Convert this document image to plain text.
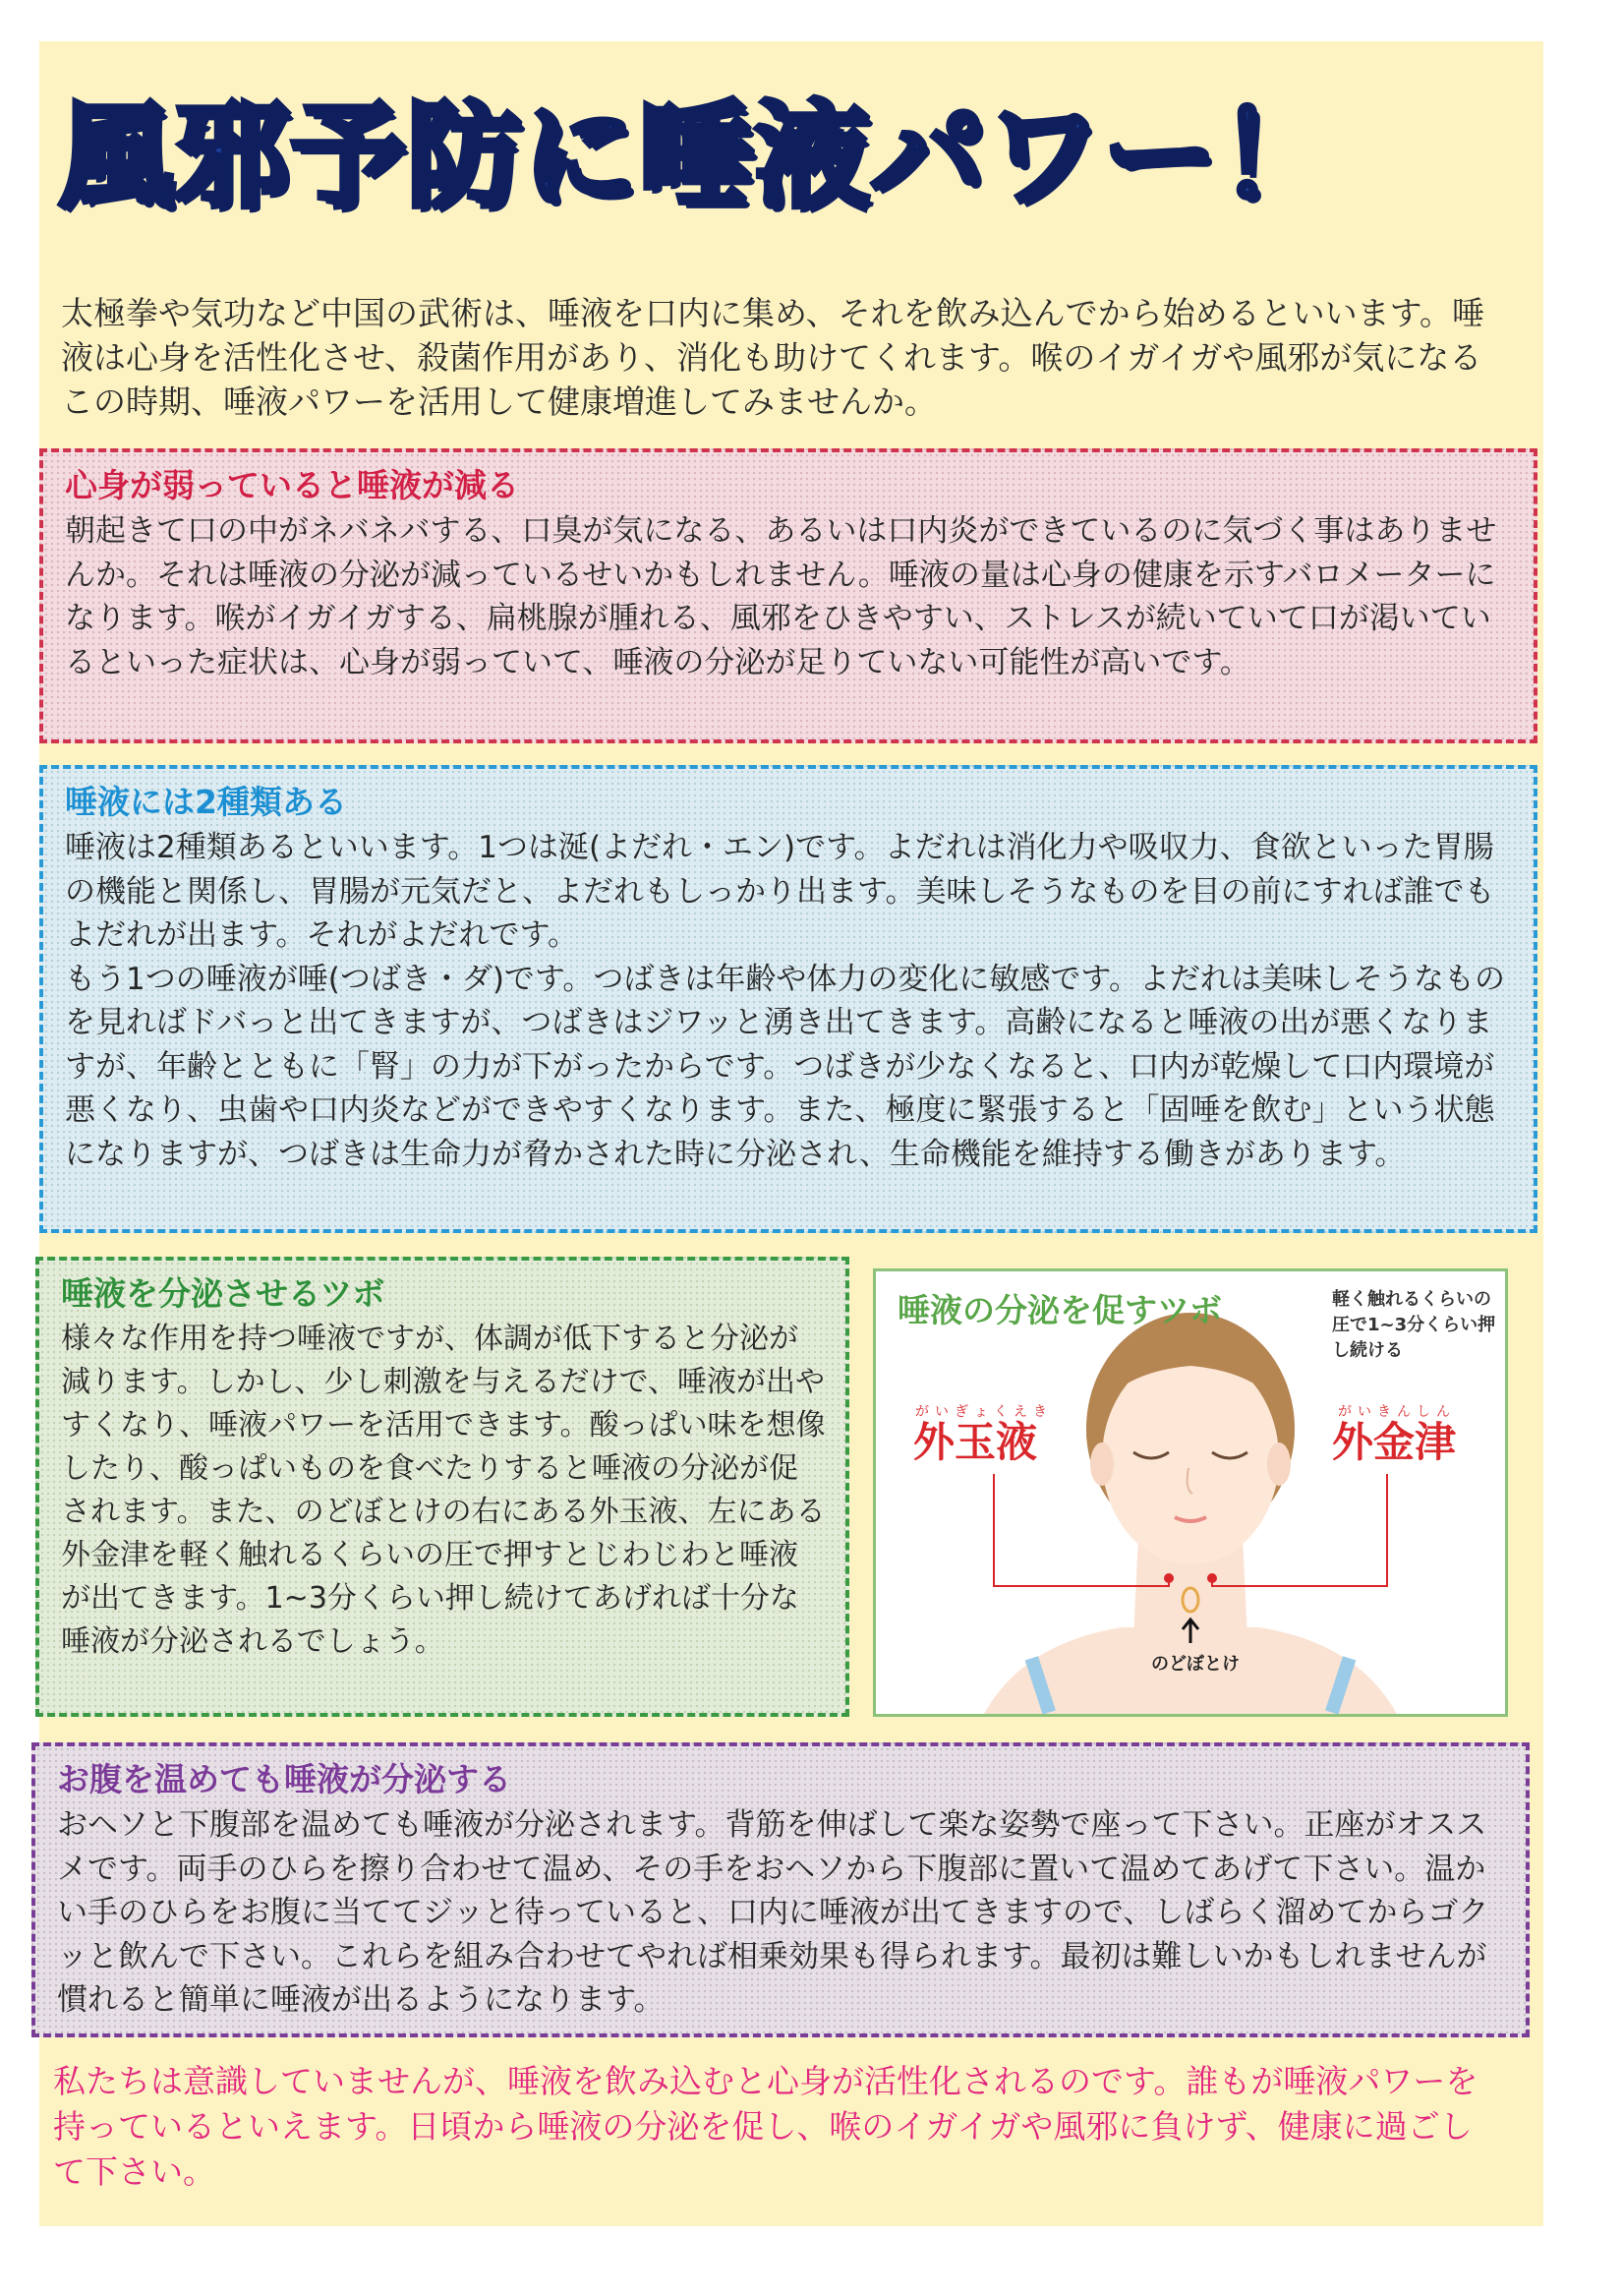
風邪予防に唾液パワー！
太極拳や気功など中国の武術は、唾液を口内に集め、それを飲み込んでから始めるといいます。唾液は心身を活性化させ、殺菌作用があり、消化も助けてくれます。喉のイガイガや風邪が気になるこの時期、唾液パワーを活用して健康増進してみませんか。
心身が弱っていると唾液が減る

朝起きて口の中がネバネバする、口臭が気になる、あるいは口内炎ができているのに気づく事はありませんか。それは唾液の分泌が減っているせいかもしれません。唾液の量は心身の健康を示すバロメーターになります。喉がイガイガする、扁桃腺が腫れる、風邪をひきやすい、ストレスが続いていて口が渇いているといった症状は、心身が弱っていて、唾液の分泌が足りていない可能性が高いです。

唾液には2種類ある

唾液は2種類あるといいます。1つは涎(よだれ・エン)です。よだれは消化力や吸収力、食欲といった胃腸の機能と関係し、胃腸が元気だと、よだれもしっかり出ます。美味しそうなものを目の前にすれば誰でもよだれが出ます。それがよだれです。

もう1つの唾液が唾(つばき・ダ)です。つばきは年齢や体力の変化に敏感です。よだれは美味しそうなものを見ればドバっと出てきますが、つばきはジワッと湧き出てきます。高齢になると唾液の出が悪くなりますが、年齢とともに「腎」の力が下がったからです。つばきが少なくなると、口内が乾燥して口内環境が悪くなり、虫歯や口内炎などができやすくなります。また、極度に緊張すると「固唾を飲む」という状態になりますが、つばきは生命力が脅かされた時に分泌され、生命機能を維持する働きがあります。

唾液を分泌させるツボ

様々な作用を持つ唾液ですが、体調が低下すると分泌が減ります。しかし、少し刺激を与えるだけで、唾液が出やすくなり、唾液パワーを活用できます。酸っぱい味を想像したり、酸っぱいものを食べたりすると唾液の分泌が促されます。また、のどぼとけの右にある外玉液、左にある外金津を軽く触れるくらいの圧で押すとじわじわと唾液が出てきます。1~3分くらい押し続けてあげれば十分な唾液が分泌されるでしょう。

唾液の分泌を促すツボ	軽く触れるくらいの圧で1~3分くらい押し続ける
がいぎょくえき
外玉液
がいきんしん
外金津
のどぼとけ
お腹を温めても唾液が分泌する

おヘソと下腹部を温めても唾液が分泌されます。背筋を伸ばして楽な姿勢で座って下さい。正座がオススメです。両手のひらを擦り合わせて温め、その手をおヘソから下腹部に置いて温めてあげて下さい。温かい手のひらをお腹に当ててジッと待っていると、口内に唾液が出てきますので、しばらく溜めてからゴクッと飲んで下さい。これらを組み合わせてやれば相乗効果も得られます。最初は難しいかもしれませんが慣れると簡単に唾液が出るようになります。

私たちは意識していませんが、唾液を飲み込むと心身が活性化されるのです。誰もが唾液パワーを持っているといえます。日頃から唾液の分泌を促し、喉のイガイガや風邪に負けず、健康に過ごして下さい。
